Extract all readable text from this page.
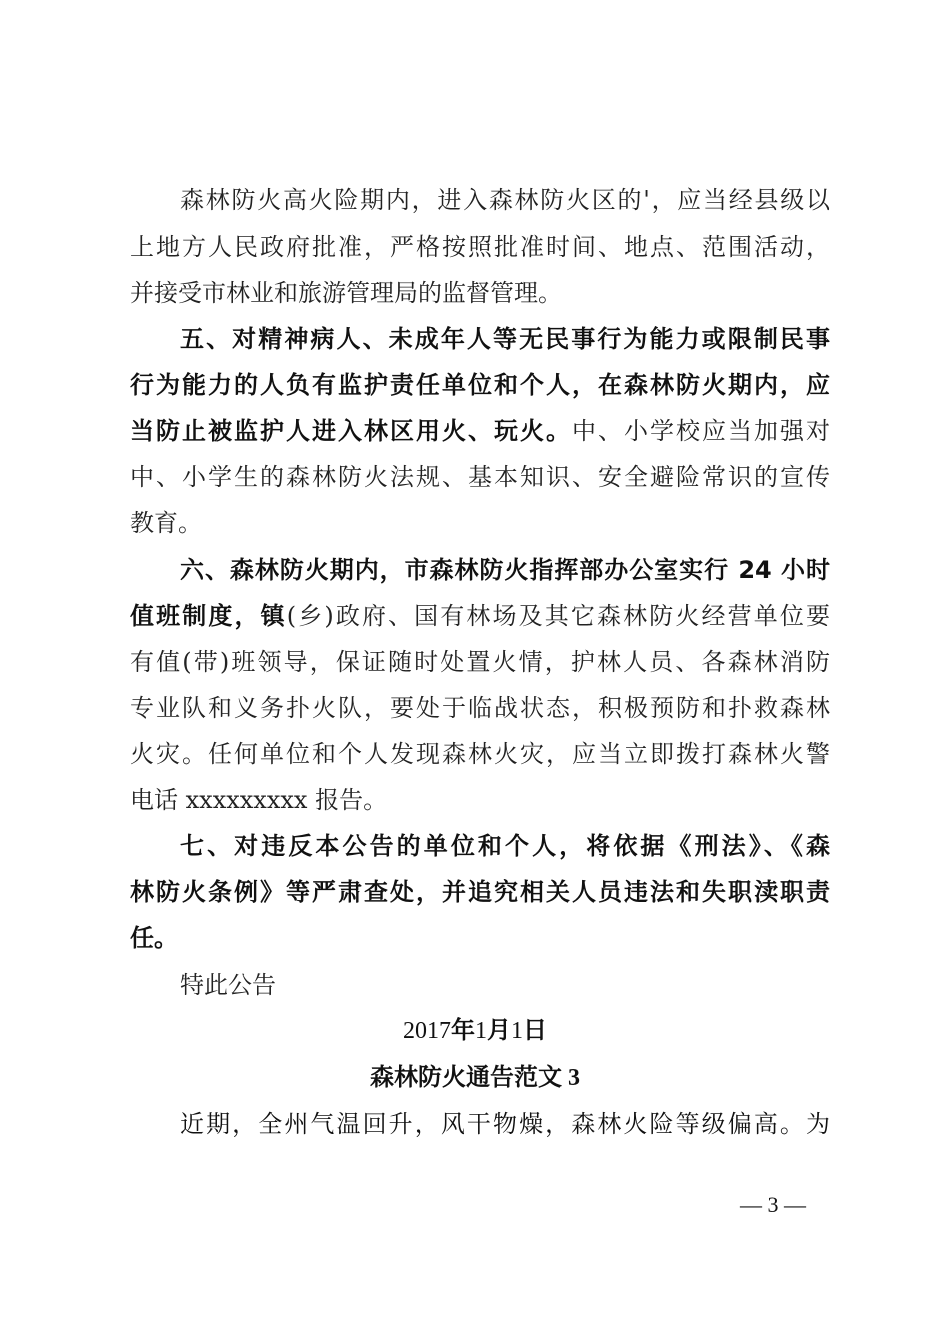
森林防火高火险期内，进入森林防火区的'，应当经县级以
上地方人民政府批准，严格按照批准时间、地点、范围活动，
并接受市林业和旅游管理局的监督管理。
五、对精神病人、未成年人等无民事行为能力或限制民事
行为能力的人负有监护责任单位和个人，在森林防火期内，应
当防止被监护人进入林区用火、玩火。中、小学校应当加强对
中、小学生的森林防火法规、基本知识、安全避险常识的宣传
教育。
六、森林防火期内，市森林防火指挥部办公室实行 24 小时
值班制度，镇(乡)政府、国有林场及其它森林防火经营单位要
有值(带)班领导，保证随时处置火情，护林人员、各森林消防
专业队和义务扑火队，要处于临战状态，积极预防和扑救森林
火灾。任何单位和个人发现森林火灾，应当立即拨打森林火警
电话 xxxxxxxxx 报告。
七、对违反本公告的单位和个人，将依据《刑法》、《森
林防火条例》等严肃查处，并追究相关人员违法和失职渎职责
任。
特此公告
2017年1月1日
森林防火通告范文 3
近期，全州气温回升，风干物燥，森林火险等级偏高。为
— 3 —
